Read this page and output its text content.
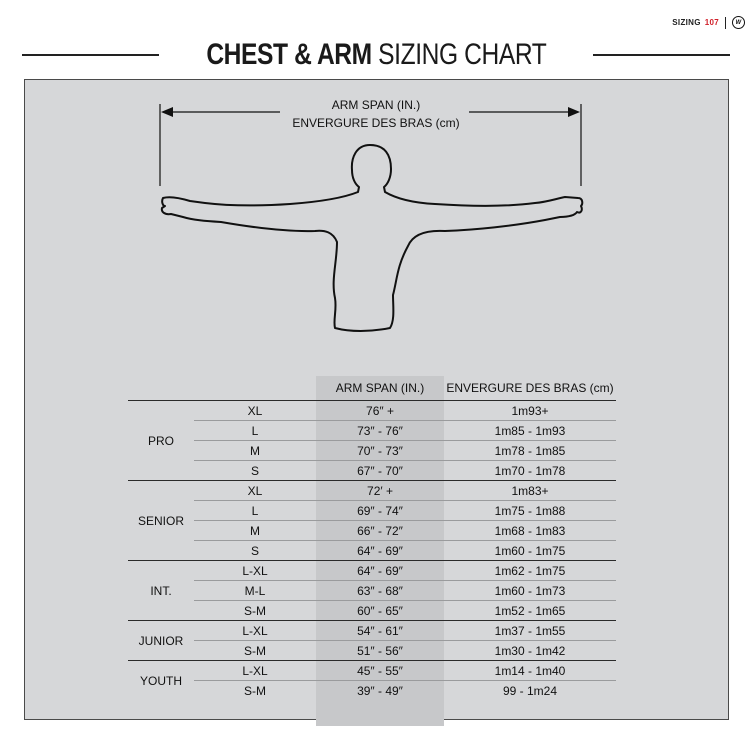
SIZING 107	W
CHEST & ARM SIZING CHART
ARM SPAN (IN.)
ENVERGURE DES BRAS (cm)
		ARM SPAN (IN.)	ENVERGURE DES BRAS (cm)
PRO	XL	76″ +	1m93+
	L	73″ - 76″	1m85 - 1m93
	M	70″ - 73″	1m78 - 1m85
	S	67″ - 70″	1m70 - 1m78
SENIOR	XL	72′ +	1m83+
	L	69″ - 74″	1m75 - 1m88
	M	66″ - 72″	1m68 - 1m83
	S	64″ - 69″	1m60 - 1m75
INT.	L-XL	64″ - 69″	1m62 - 1m75
	M-L	63″ - 68″	1m60 - 1m73
	S-M	60″ - 65″	1m52 - 1m65
JUNIOR	L-XL	54″ - 61″	1m37 - 1m55
	S-M	51″ - 56″	1m30 - 1m42
YOUTH	L-XL	45″ - 55″	1m14 - 1m40
	S-M	39″ - 49″	99 - 1m24
